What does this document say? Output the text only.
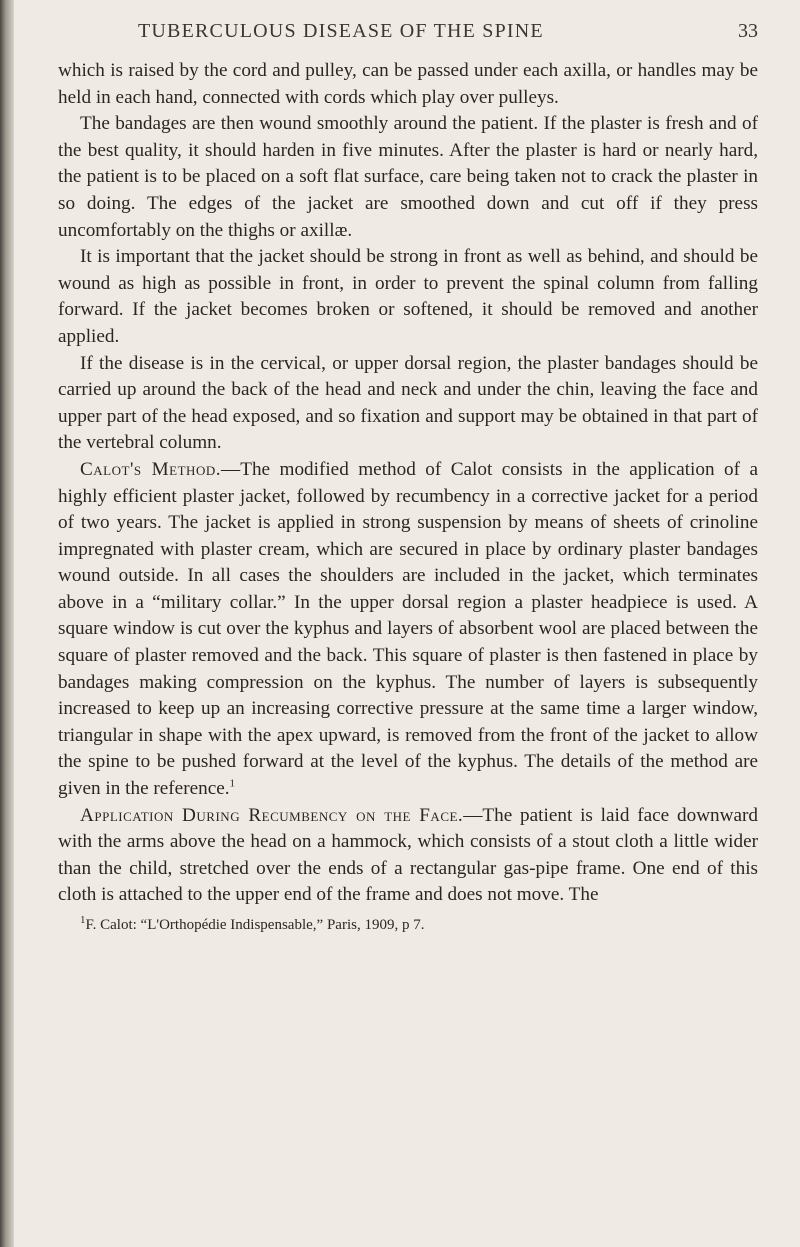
TUBERCULOUS DISEASE OF THE SPINE	33

which is raised by the cord and pulley, can be passed under each axilla, or handles may be held in each hand, connected with cords which play over pulleys.

The bandages are then wound smoothly around the patient. If the plaster is fresh and of the best quality, it should harden in five minutes. After the plaster is hard or nearly hard, the patient is to be placed on a soft flat surface, care being taken not to crack the plaster in so doing. The edges of the jacket are smoothed down and cut off if they press uncomfortably on the thighs or axillæ.

It is important that the jacket should be strong in front as well as behind, and should be wound as high as possible in front, in order to prevent the spinal column from falling forward. If the jacket becomes broken or softened, it should be removed and another applied.

If the disease is in the cervical, or upper dorsal region, the plaster bandages should be carried up around the back of the head and neck and under the chin, leaving the face and upper part of the head exposed, and so fixation and support may be obtained in that part of the vertebral column.

Calot's Method.—The modified method of Calot consists in the application of a highly efficient plaster jacket, followed by recumbency in a corrective jacket for a period of two years. The jacket is applied in strong suspension by means of sheets of crinoline impregnated with plaster cream, which are secured in place by ordinary plaster bandages wound outside. In all cases the shoulders are included in the jacket, which terminates above in a “military collar.” In the upper dorsal region a plaster headpiece is used. A square window is cut over the kyphus and layers of absorbent wool are placed between the square of plaster removed and the back. This square of plaster is then fastened in place by bandages making compression on the kyphus. The number of layers is subsequently increased to keep up an increasing corrective pressure at the same time a larger window, triangular in shape with the apex upward, is removed from the front of the jacket to allow the spine to be pushed forward at the level of the kyphus. The details of the method are given in the reference.$^1$

Application During Recumbency on the Face.—The patient is laid face downward with the arms above the head on a hammock, which consists of a stout cloth a little wider than the child, stretched over the ends of a rectangular gas-pipe frame. One end of this cloth is attached to the upper end of the frame and does not move. The

$^1$F. Calot: “L'Orthopédie Indispensable,” Paris, 1909, p 7.
